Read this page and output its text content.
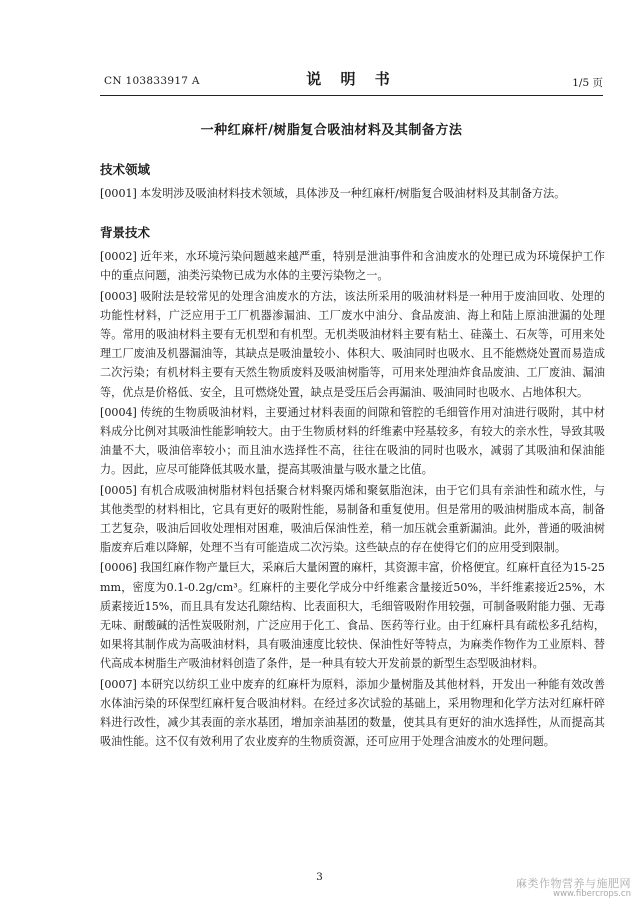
CN 103833917 A	说 明 书	1/5 页
一种红麻杆/树脂复合吸油材料及其制备方法
技术领域

[0001] 本发明涉及吸油材料技术领域，具体涉及一种红麻杆/树脂复合吸油材料及其制备方法。

背景技术

[0002] 近年来，水环境污染问题越来越严重，特别是泄油事件和含油废水的处理已成为环境保护工作中的重点问题，油类污染物已成为水体的主要污染物之一。

[0003] 吸附法是较常见的处理含油废水的方法，该法所采用的吸油材料是一种用于废油回收、处理的功能性材料，广泛应用于工厂机器渗漏油、工厂废水中油分、食品废油、海上和陆上原油泄漏的处理等。常用的吸油材料主要有无机型和有机型。无机类吸油材料主要有粘土、硅藻土、石灰等，可用来处理工厂废油及机器漏油等，其缺点是吸油量较小、体积大、吸油同时也吸水、且不能燃烧处置而易造成二次污染；有机材料主要有天然生物质废料及吸油树脂等，可用来处理油炸食品废油、工厂废油、漏油等，优点是价格低、安全，且可燃烧处置，缺点是受压后会再漏油、吸油同时也吸水、占地体积大。

[0004] 传统的生物质吸油材料，主要通过材料表面的间隙和管腔的毛细管作用对油进行吸附，其中材料成分比例对其吸油性能影响较大。由于生物质材料的纤维素中羟基较多，有较大的亲水性，导致其吸油量不大，吸油倍率较小；而且油水选择性不高，往往在吸油的同时也吸水，减弱了其吸油和保油能力。因此，应尽可能降低其吸水量，提高其吸油量与吸水量之比值。

[0005] 有机合成吸油树脂材料包括聚合材料聚丙烯和聚氨脂泡沫，由于它们具有亲油性和疏水性，与其他类型的材料相比，它具有更好的吸附性能，易制备和重复使用。但是常用的吸油树脂成本高，制备工艺复杂，吸油后回收处理相对困难，吸油后保油性差，稍一加压就会重新漏油。此外，普通的吸油树脂废弃后难以降解，处理不当有可能造成二次污染。这些缺点的存在使得它们的应用受到限制。

[0006] 我国红麻作物产量巨大，采麻后大量闲置的麻杆，其资源丰富，价格便宜。红麻杆直径为15-25mm，密度为0.1-0.2g/cm³。红麻杆的主要化学成分中纤维素含量接近50%，半纤维素接近25%，木质素接近15%，而且具有发达孔隙结构、比表面积大，毛细管吸附作用较强，可制备吸附能力强、无毒无味、耐酸碱的活性炭吸附剂，广泛应用于化工、食品、医药等行业。由于红麻杆具有疏松多孔结构，如果将其制作成为高吸油材料，具有吸油速度比较快、保油性好等特点，为麻类作物作为工业原料、替代高成本树脂生产吸油材料创造了条件，是一种具有较大开发前景的新型生态型吸油材料。

[0007] 本研究以纺织工业中废弃的红麻杆为原料，添加少量树脂及其他材料，开发出一种能有效改善水体油污染的环保型红麻杆复合吸油材料。在经过多次试验的基础上，采用物理和化学方法对红麻杆碎料进行改性，减少其表面的亲水基团，增加亲油基团的数量，使其具有更好的油水选择性，从而提高其吸油性能。这不仅有效利用了农业废弃的生物质资源，还可应用于处理含油废水的处理问题。

3	麻类作物营养与施肥网
www.fibercrops.cn
